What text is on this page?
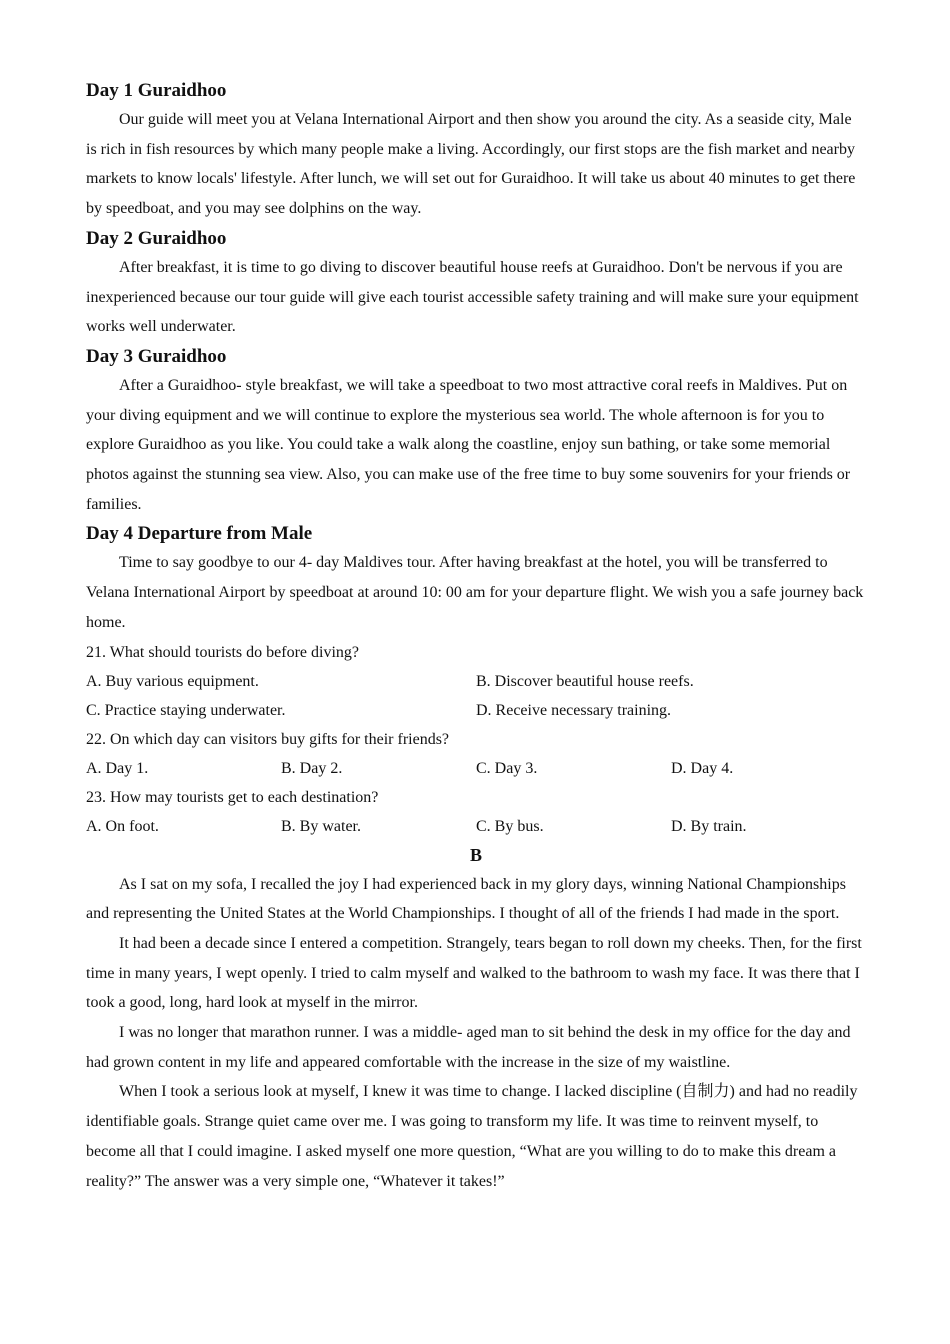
Day 1 Guraidhoo

Our guide will meet you at Velana International Airport and then show you around the city. As a seaside city, Male is rich in fish resources by which many people make a living. Accordingly, our first stops are the fish market and nearby markets to know locals' lifestyle. After lunch, we will set out for Guraidhoo. It will take us about 40 minutes to get there by speedboat, and you may see dolphins on the way.

Day 2 Guraidhoo

After breakfast, it is time to go diving to discover beautiful house reefs at Guraidhoo. Don't be nervous if you are inexperienced because our tour guide will give each tourist accessible safety training and will make sure your equipment works well underwater.

Day 3 Guraidhoo

After a Guraidhoo- style breakfast, we will take a speedboat to two most attractive coral reefs in Maldives. Put on your diving equipment and we will continue to explore the mysterious sea world. The whole afternoon is for you to explore Guraidhoo as you like. You could take a walk along the coastline, enjoy sun bathing, or take some memorial photos against the stunning sea view. Also, you can make use of the free time to buy some souvenirs for your friends or families.

Day 4 Departure from Male

Time to say goodbye to our 4- day Maldives tour. After having breakfast at the hotel, you will be transferred to Velana International Airport by speedboat at around 10: 00 am for your departure flight. We wish you a safe journey back home.

21. What should tourists do before diving?

A. Buy various equipment.	B. Discover beautiful house reefs.
C. Practice staying underwater.	D. Receive necessary training.

22. On which day can visitors buy gifts for their friends?

A. Day 1.	B. Day 2.	C. Day 3.	D. Day 4.

23. How may tourists get to each destination?

A. On foot.	B. By water.	C. By bus.	D. By train.

B

As I sat on my sofa, I recalled the joy I had experienced back in my glory days, winning National Championships and representing the United States at the World Championships. I thought of all of the friends I had made in the sport.

It had been a decade since I entered a competition. Strangely, tears began to roll down my cheeks. Then, for the first time in many years, I wept openly. I tried to calm myself and walked to the bathroom to wash my face. It was there that I took a good, long, hard look at myself in the mirror.

I was no longer that marathon runner. I was a middle- aged man to sit behind the desk in my office for the day and had grown content in my life and appeared comfortable with the increase in the size of my waistline.

When I took a serious look at myself, I knew it was time to change. I lacked discipline (自制力) and had no readily identifiable goals. Strange quiet came over me. I was going to transform my life. It was time to reinvent myself, to become all that I could imagine. I asked myself one more question, “What are you willing to do to make this dream a reality?” The answer was a very simple one, “Whatever it takes!”
